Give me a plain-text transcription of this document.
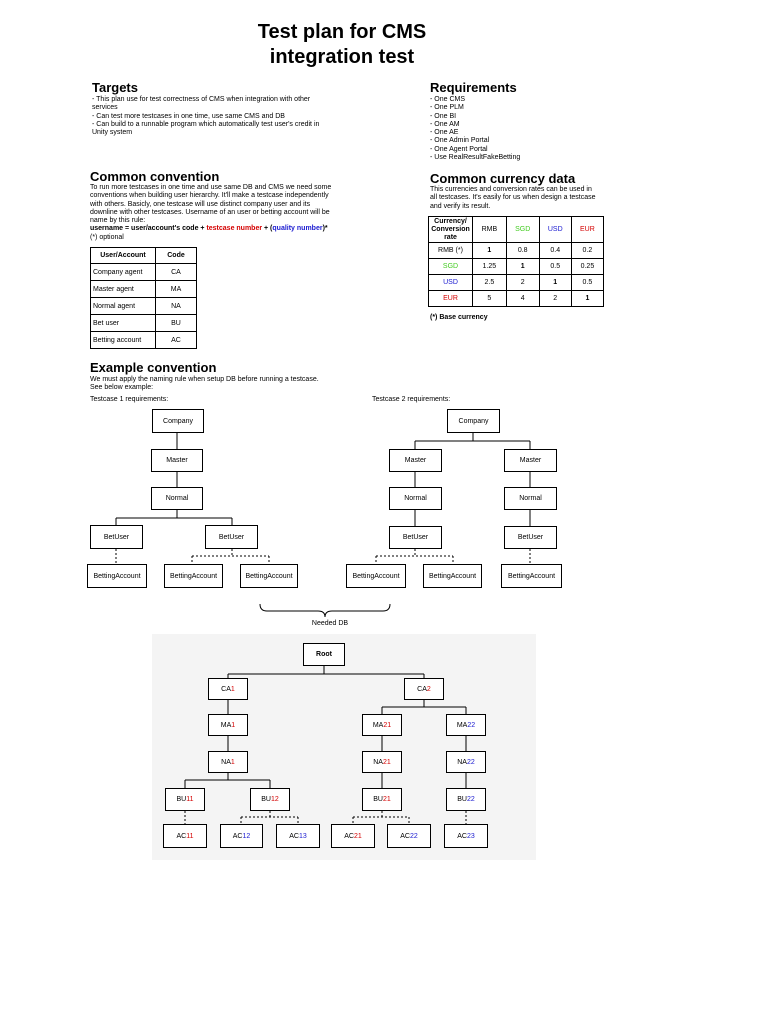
Test plan for CMS
integration test
Targets
- This plan use for test correctness of CMS when integration with other
services
- Can test more testcases in one time, use same CMS and DB
- Can build to a runnable program which automatically test user's credit in
Unity system
Requirements
- One CMS
- One PLM
- One BI
- One AM
- One AE
- One Admin Portal
- One Agent Portal
- Use RealResultFakeBetting
Common convention
To run more testcases in one time and use same DB and CMS we need some
conventions when building user hierarchy. It'll make a testcase independently
with others. Basicly, one testcase will use distinct company user and its
downline with other testcases. Username of an user or betting account will be
name by this rule:
username = user/account's code + testcase number + (quality number)*
(*) optional
User/Account	Code
Company agent	CA
Master agent	MA
Normal agent	NA
Bet user	BU
Betting account	AC
Common currency data
This currencies and conversion rates can be used in
all testcases. It's easily for us when design a testcase
and verify its result.
Currency/
Conversion
rate	RMB	SGD	USD	EUR
RMB (*)	1	0.8	0.4	0.2
SGD	1.25	1	0.5	0.25
USD	2.5	2	1	0.5
EUR	5	4	2	1
(*) Base currency
Example convention
We must apply the naming rule when setup DB before running a testcase.
See below example:
Testcase 1 requirements:	Testcase 2 requirements:
Company
Master
Normal
BetUser	BetUser
BettingAccount	BettingAccount	BettingAccount
Company
Master	Master
Normal	Normal
BetUser	BetUser
BettingAccount	BettingAccount	BettingAccount
Needed DB
Root
CA 1	CA 2
MA 1	MA 21	MA 22
NA 1	NA 21	NA 22
BU 11	BU 12	BU 21	BU 22
AC 11	AC 12	AC 13	AC 21	AC 22	AC 23
